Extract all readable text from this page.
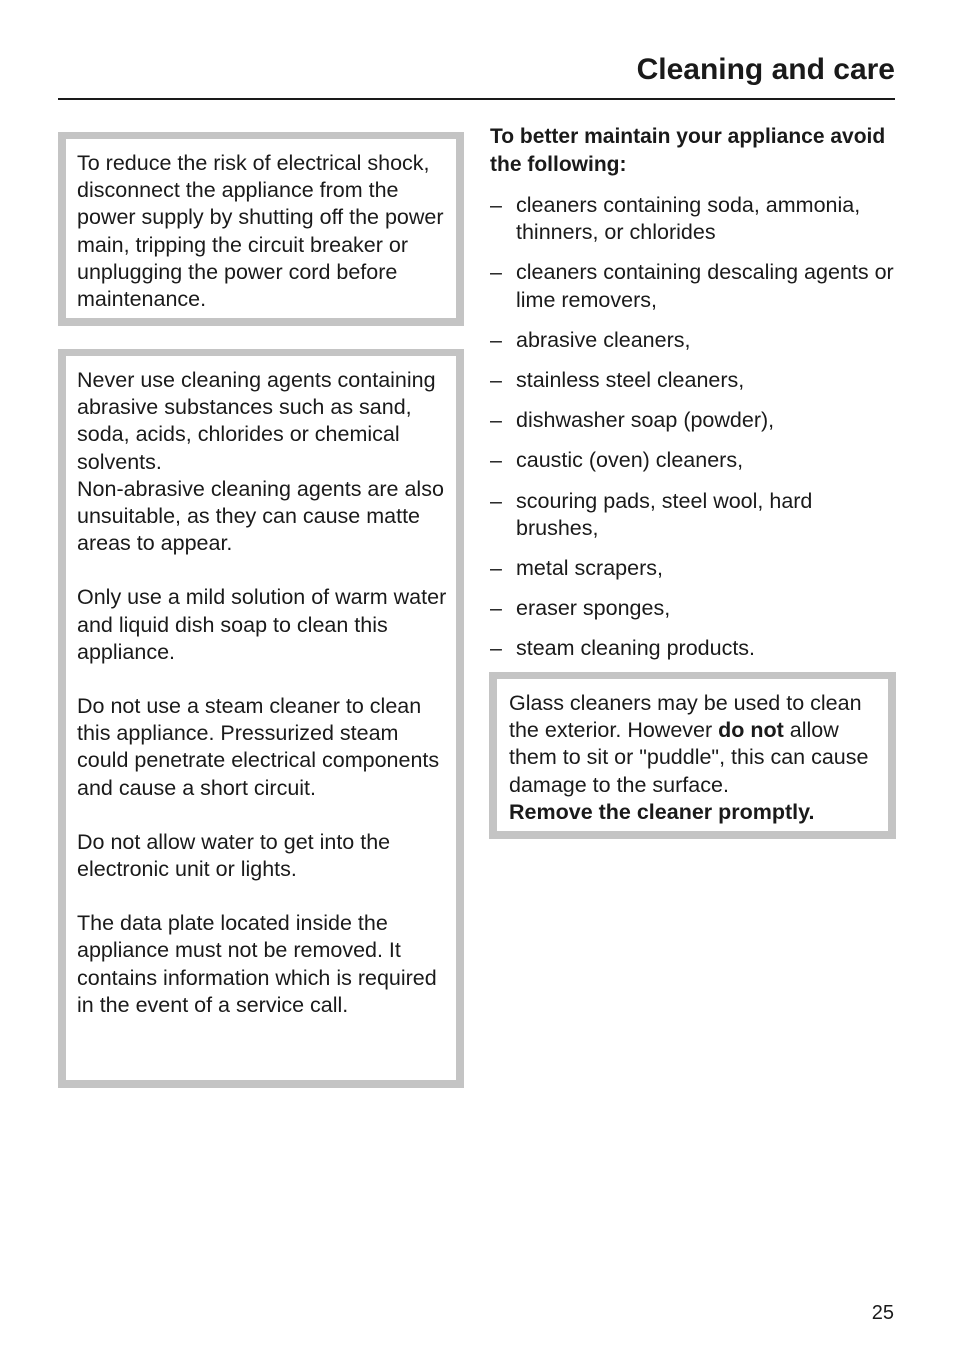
Cleaning and care

To reduce the risk of electrical shock, disconnect the appliance from the power supply by shutting off the power main, tripping the circuit breaker or unplugging the power cord before maintenance.

Never use cleaning agents containing abrasive substances such as sand, soda, acids, chlorides or chemical solvents.
Non-abrasive cleaning agents are also unsuitable, as they can cause matte areas to appear.

Only use a mild solution of warm water and liquid dish soap to clean this appliance.

Do not use a steam cleaner to clean this appliance. Pressurized steam could penetrate electrical components and cause a short circuit.

Do not allow water to get into the electronic unit or lights.

The data plate located inside the appliance must not be removed. It contains information which is required in the event of a service call.

To better maintain your appliance avoid the following:
– cleaners containing soda, ammonia, thinners, or chlorides
– cleaners containing descaling agents or lime removers,
– abrasive cleaners,
– stainless steel cleaners,
– dishwasher soap (powder),
– caustic (oven) cleaners,
– scouring pads, steel wool, hard brushes,
– metal scrapers,
– eraser sponges,
– steam cleaning products.

Glass cleaners may be used to clean the exterior. However do not allow them to sit or "puddle", this can cause damage to the surface.
Remove the cleaner promptly.

25
